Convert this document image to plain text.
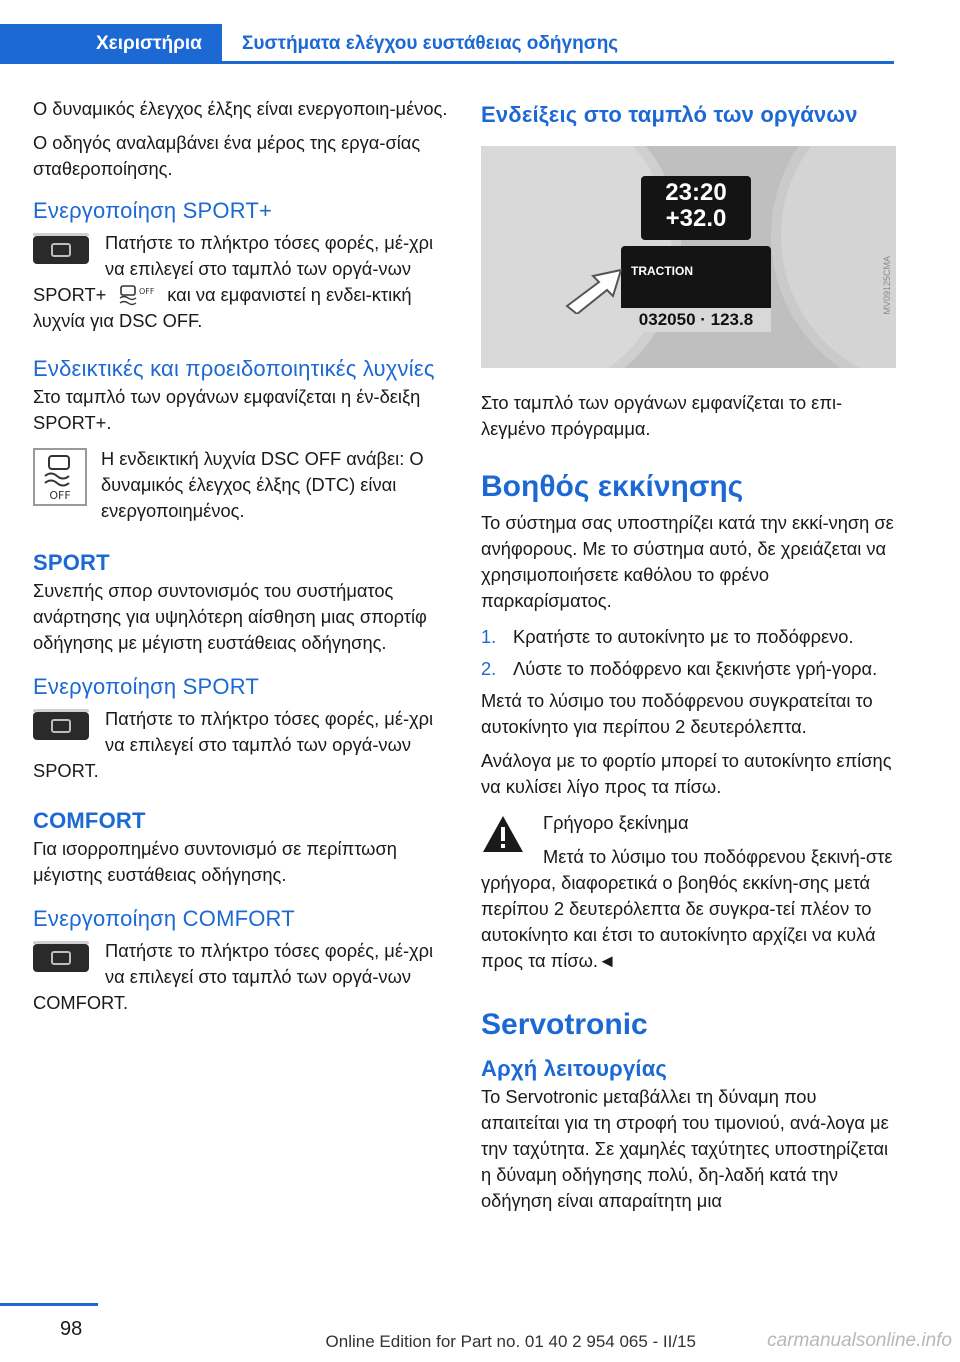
Χειριστήρια	Συστήματα ελέγχου ευστάθειας οδήγησης

Ο δυναμικός έλεγχος έλξης είναι ενεργοποιη-μένος.

Ο οδηγός αναλαμβάνει ένα μέρος της εργα-σίας σταθεροποίησης.

Ενεργοποίηση SPORT+

Πατήστε το πλήκτρο τόσες φορές, μέ-χρι να επιλεγεί στο ταμπλό των οργά-νων SPORT+

	OFF
και να εμφανιστεί η ενδει-κτική λυχνία για DSC OFF.

Ενδεικτικές και προειδοποιητικές λυχνίες

Στο ταμπλό των οργάνων εμφανίζεται η έν-δειξη SPORT+.

OFF

Η ενδεικτική λυχνία DSC OFF ανάβει: Ο δυναμικός έλεγχος έλξης (DTC) είναι ενεργοποιημένος.

SPORT

Συνεπής σπορ συντονισμός του συστήματος ανάρτησης για υψηλότερη αίσθηση μιας σπορτίφ οδήγησης με μέγιστη ευστάθειας οδήγησης.

Ενεργοποίηση SPORT

Πατήστε το πλήκτρο τόσες φορές, μέ-χρι να επιλεγεί στο ταμπλό των οργά-νων SPORT.

COMFORT

Για ισορροπημένο συντονισμό σε περίπτωση μέγιστης ευστάθειας οδήγησης.

Ενεργοποίηση COMFORT

Πατήστε το πλήκτρο τόσες φορές, μέ-χρι να επιλεγεί στο ταμπλό των οργά-νων COMFORT.

Ενδείξεις στο ταμπλό των οργάνων
23:20
+32.0
TRACTION
032050 · 123.8
MV09125CMA

Στο ταμπλό των οργάνων εμφανίζεται το επι-λεγμένο πρόγραμμα.

Βοηθός εκκίνησης

Το σύστημα σας υποστηρίζει κατά την εκκί-νηση σε ανήφορους. Με το σύστημα αυτό, δε χρειάζεται να χρησιμοποιήσετε καθόλου το φρένο παρκαρίσματος.

1. Κρατήστε το αυτοκίνητο με το ποδόφρενο.
2. Λύστε το ποδόφρενο και ξεκινήστε γρή-γορα.

Μετά το λύσιμο του ποδόφρενου συγκρατείται το αυτοκίνητο για περίπου 2 δευτερόλεπτα.

Ανάλογα με το φορτίο μπορεί το αυτοκίνητο επίσης να κυλίσει λίγο προς τα πίσω.

Γρήγορο ξεκίνημα

Μετά το λύσιμο του ποδόφρενου ξεκινή-στε γρήγορα, διαφορετικά ο βοηθός εκκίνη-σης μετά περίπου 2 δευτερόλεπτα δε συγκρα-τεί πλέον το αυτοκίνητο και έτσι το αυτοκίνητο αρχίζει να κυλά προς τα πίσω.◄

Servotronic
Αρχή λειτουργίας

Το Servotronic μεταβάλλει τη δύναμη που απαιτείται για τη στροφή του τιμονιού, ανά-λογα με την ταχύτητα. Σε χαμηλές ταχύτητες υποστηρίζεται η δύναμη οδήγησης πολύ, δη-λαδή κατά την οδήγηση είναι απαραίτητη μια

98
Online Edition for Part no. 01 40 2 954 065 - II/15	carmanualsonline.info
